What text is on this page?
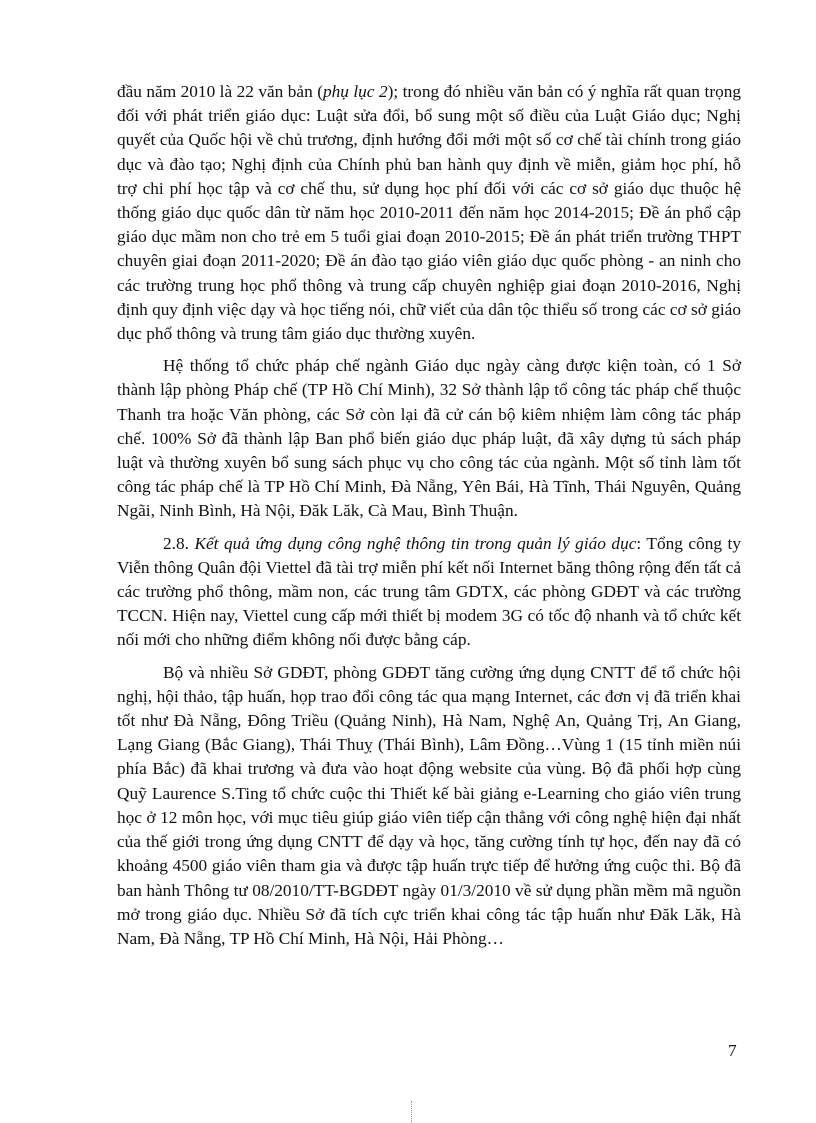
đầu năm 2010 là 22 văn bản (phụ lục 2); trong đó nhiều văn bản có ý nghĩa rất quan trọng đối với phát triển giáo dục: Luật sửa đổi, bổ sung một số điều của Luật Giáo dục; Nghị quyết của Quốc hội về chủ trương, định hướng đổi mới một số cơ chế tài chính trong giáo dục và đào tạo; Nghị định của Chính phủ ban hành quy định về miễn, giảm học phí, hỗ trợ chi phí học tập và cơ chế thu, sử dụng học phí đối với các cơ sở giáo dục thuộc hệ thống giáo dục quốc dân từ năm học 2010-2011 đến năm học 2014-2015; Đề án phổ cập giáo dục mầm non cho trẻ em 5 tuổi giai đoạn 2010-2015; Đề án phát triển trường THPT chuyên giai đoạn 2011-2020; Đề án đào tạo giáo viên giáo dục quốc phòng - an ninh cho các trường trung học phổ thông và trung cấp chuyên nghiệp giai đoạn 2010-2016, Nghị định quy định việc dạy và học tiếng nói, chữ viết của dân tộc thiểu số trong các cơ sở giáo dục phổ thông và trung tâm giáo dục thường xuyên.

Hệ thống tổ chức pháp chế ngành Giáo dục ngày càng được kiện toàn, có 1 Sở thành lập phòng Pháp chế (TP Hồ Chí Minh), 32 Sở thành lập tổ công tác pháp chế thuộc Thanh tra hoặc Văn phòng, các Sở còn lại đã cử cán bộ kiêm nhiệm làm công tác pháp chế. 100% Sở đã thành lập Ban phổ biến giáo dục pháp luật, đã xây dựng tủ sách pháp luật và thường xuyên bổ sung sách phục vụ cho công tác của ngành. Một số tỉnh làm tốt công tác pháp chế là TP Hồ Chí Minh, Đà Nẵng, Yên Bái, Hà Tĩnh, Thái Nguyên, Quảng Ngãi, Ninh Bình, Hà Nội, Đăk Lăk, Cà Mau, Bình Thuận.

2.8. Kết quả ứng dụng công nghệ thông tin trong quản lý giáo dục: Tổng công ty Viễn thông Quân đội Viettel đã tài trợ miễn phí kết nối Internet băng thông rộng đến tất cả các trường phổ thông, mầm non, các trung tâm GDTX, các phòng GDĐT và các trường TCCN. Hiện nay, Viettel cung cấp mới thiết bị modem 3G có tốc độ nhanh và tổ chức kết nối mới cho những điểm không nối được bằng cáp.

Bộ và nhiều Sở GDĐT, phòng GDĐT tăng cường ứng dụng CNTT để tổ chức hội nghị, hội thảo, tập huấn, họp trao đổi công tác qua mạng Internet, các đơn vị đã triển khai tốt như Đà Nẵng, Đông Triều (Quảng Ninh), Hà Nam, Nghệ An, Quảng Trị, An Giang, Lạng Giang (Bắc Giang), Thái Thuỵ (Thái Bình), Lâm Đồng…Vùng 1 (15 tỉnh miền núi phía Bắc) đã khai trương và đưa vào hoạt động website của vùng. Bộ đã phối hợp cùng Quỹ Laurence S.Ting tổ chức cuộc thi Thiết kế bài giảng e-Learning cho giáo viên trung học ở 12 môn học, với mục tiêu giúp giáo viên tiếp cận thẳng với công nghệ hiện đại nhất của thế giới trong ứng dụng CNTT để dạy và học, tăng cường tính tự học, đến nay đã có khoảng 4500 giáo viên tham gia và được tập huấn trực tiếp để hưởng ứng cuộc thi. Bộ đã ban hành Thông tư 08/2010/TT-BGDĐT ngày 01/3/2010 về sử dụng phần mềm mã nguồn mở trong giáo dục. Nhiều Sở đã tích cực triển khai công tác tập huấn như Đăk Lăk, Hà Nam, Đà Nẵng, TP Hồ Chí Minh, Hà Nội, Hải Phòng…

7
